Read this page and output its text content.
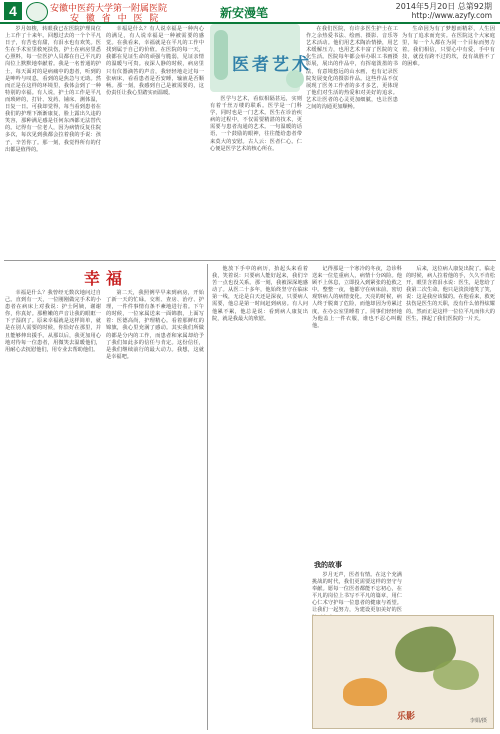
4	安徽中医药大学第一附属医院
安 徽 省 中 医 院	新安漫笔	2014年5月20日 总第92期
http://www.azyfy.com
医者艺术

岁月如梭，转眼我已在医院护理岗位上工作了十来年。回想过去的一个个平凡日子，有苦也有甜，有泪水也有欢笑。医生在手术室里救死扶伤，护士在病房里悉心照料，每一位医护人员都在自己平凡的岗位上默默地奉献着。我是一名普通的护士，每天面对的是病痛中的患者，听到的是呻吟与叹息，看到的是焦急与无助。然而正是在这样的环境里，我体会到了一种特别的幸福。有人说，护士的工作是平凡而琐碎的，打针、发药、铺床、测体温，日复一日。可我却觉得，每当看到患者在我们的护理下渐渐康复，脸上露出久违的笑容，那种满足感是任何东西都无法替代的。记得有一位老人，因为病情反复住院多次，每次见到我都会拉着我的手说：孩子，辛苦你了。那一刻，我觉得所有的付出都是值得的。

幸福是什么？有人说幸福是一种内心的满足，有人说幸福是一种被需要的感觉。在我看来，幸福就是在平凡的工作中找到属于自己的价值。在医院的每一天，我都在见证生命的顽强与脆弱，见证亲情的温暖与可贵。夜深人静的时候，病房里只有仪器滴答的声音，我轻轻地走过每一张病床，看看患者是否安睡，输液是否顺畅。那一刻，我感到自己是被需要的，这份责任让我心里踏实而温暖。

医学与艺术，看似相隔甚远，实则有着千丝万缕的联系。医学是一门科学，同时也是一门艺术。医生在诊治疾病的过程中，不仅需要精湛的技术，更需要与患者沟通的艺术。一句温暖的话语，一个鼓励的眼神，往往能给患者带来莫大的安慰。古人云：医者仁心。仁心便是医学艺术的核心所在。

在我们医院，有许多医生护士在工作之余热爱书法、绘画、摄影、音乐等艺术活动。他们用艺术陶冶情操，用艺术缓解压力，也用艺术丰富了医院的文化生活。医院每年都会举办职工书画摄影展，展出的作品中，有挥毫泼墨的书法，有意境悠远的山水画，也有记录医院发展变化的摄影作品。这些作品不仅展现了医务工作者的多才多艺，更体现了他们对生活的热爱和对美好的追求。艺术让医者的心灵更加细腻，也让医患之间的沟通更加顺畅。

生命因为有了梦想而精彩，人生因为有了追求而充实。在医院这个大家庭里，每一个人都在为同一个目标而努力着。我们相信，只要心中有爱，手中有技，就没有跨不过的坎，没有战胜不了的困难。

幸福

幸福是什么？我曾经无数次地问过自己。直到有一天，一位刚刚做完手术的小患者在病床上对我说：护士阿姨，谢谢你，你真好。那稚嫩的声音让我的眼眶一下子湿润了。原来幸福就是这样简单，就是在别人需要的时候，你恰好在那里，并且能够伸出援手。从那以后，我更加用心地对待每一位患者，用微笑去温暖他们，用耐心去抚慰他们，用专业去帮助他们。

第二天，我照例早早来到病房，开始了新一天的忙碌。交班、查房、治疗、护理，一件件事情有条不紊地进行着。下午的时候，一位家属送来一面锦旗，上面写着：医德高尚，护理精心。看着那鲜红的锦旗，我心里充满了感动。其实我们所做的都是分内的工作，而患者和家属却给予了我们如此多的信任与肯定。这份信任，是我们继续前行的最大动力。我想，这就是幸福吧。

他放下手中的病历，抬起头来看着我，笑着说：只要病人能好起来，我们辛苦一点也没关系。那一刻，我被深深地感动了。从医二十多年，他始终坚守在临床第一线，无论是白天还是深夜，只要病人需要，他总是第一时间赶到病房。有人问他累不累，他总是说：看到病人康复出院，就是我最大的欣慰。

记得那是一个寒冷的冬夜，急诊科送来一位危重病人，病情十分凶险。他顾不上休息，立即投入到紧张的抢救之中。整整一夜，他都守在病床前，密切观察病人的病情变化。天亮的时候，病人终于脱离了危险，而他却因为劳累过度，在办公室里睡着了。同事们轻轻地为他盖上一件衣服，谁也不忍心叫醒他。

后来，这位病人康复出院了。临走的时候，病人拉着他的手，久久不肯松开，眼里含着泪水说：医生，是您给了我第二次生命。他只是淡淡地笑了笑，说：这是我应该做的。在他看来，救死扶伤是医生的天职，没有什么值得炫耀的。然而正是这样一位位平凡而伟大的医生，撑起了我们医院的一片天。

我的故事

岁月无声，医者有情。在这个充满挑战的时代，我们更需要这样的坚守与奉献。愿每一位医者都能不忘初心，在平凡的岗位上书写不平凡的篇章，用仁心仁术守护每一位患者的健康与希望。让我们一起努力，为建设更加美好的医

乐影	李娟/摄
